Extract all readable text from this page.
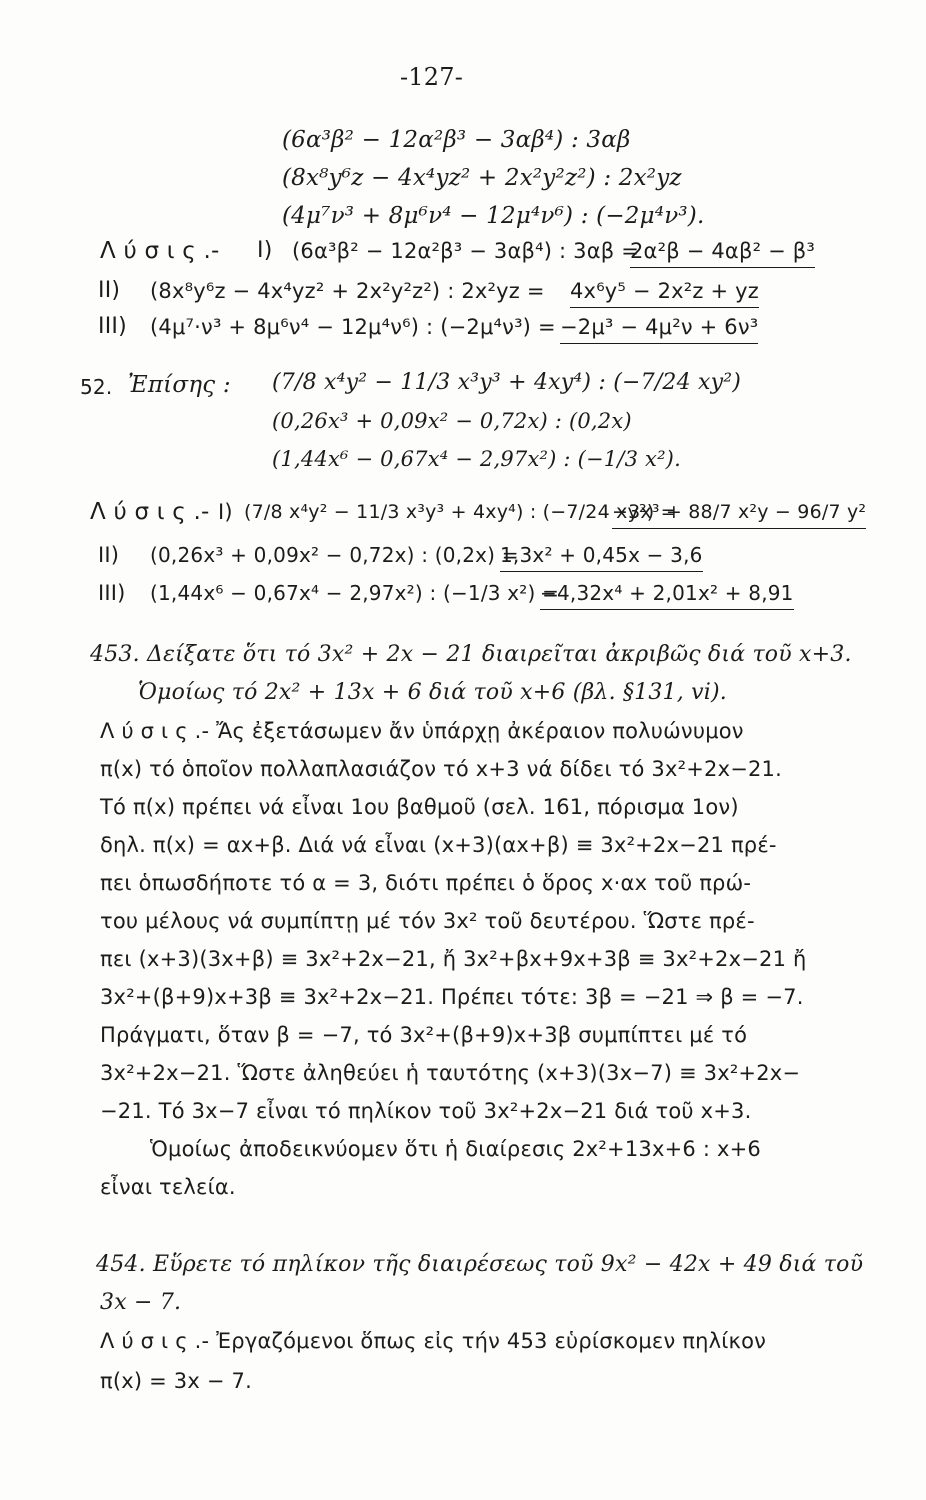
-127-
(6α³β² − 12α²β³ − 3αβ⁴) : 3αβ
(8x⁸y⁶z − 4x⁴yz² + 2x²y²z²) : 2x²yz
(4μ⁷ν³ + 8μ⁶ν⁴ − 12μ⁴ν⁶) : (−2μ⁴ν³).
Λ ύ σ ι ς .- I) (6α³β² − 12α²β³ − 3αβ⁴) : 3αβ =
2α²β − 4αβ² − β³
II) (8x⁸y⁶z − 4x⁴yz² + 2x²y²z²) : 2x²yz = 4x⁶y⁵ − 2x²z + yz
III) (4μ⁷·ν³ + 8μ⁶ν⁴ − 12μ⁴ν⁶) : (−2μ⁴ν³) = −2μ³ − 4μ²ν + 6ν³
52. Ἐπίσης : (7/8 x⁴y² − 11/3 x³y³ + 4xy⁴) : (−7/24 xy²)
(0,26x³ + 0,09x² − 0,72x) : (0,2x)
(1,44x⁶ − 0,67x⁴ − 2,97x²) : (−1/3 x²).
Λ ύ σ ι ς .- I) (7/8 x⁴y² − 11/3 x³y³ + 4xy⁴) : (−7/24 xy²) =
−3x³ + 88/7 x²y − 96/7 y²
II) (0,26x³ + 0,09x² − 0,72x) : (0,2x) =
1,3x² + 0,45x − 3,6
III) (1,44x⁶ − 0,67x⁴ − 2,97x²) : (−1/3 x²) =
−4,32x⁴ + 2,01x² + 8,91
453. Δείξατε ὅτι τό 3x² + 2x − 21 διαιρεῖται ἀκριβῶς διά τοῦ x+3.
Ὁμοίως τό 2x² + 13x + 6 διά τοῦ x+6 (βλ. §131, vi).
Λ ύ σ ι ς .- Ἄς ἐξετάσωμεν ἄν ὑπάρχῃ ἀκέραιον πολυώνυμον
π(x) τό ὁποῖον πολλαπλασιάζον τό x+3 νά δίδει τό 3x²+2x−21.
Τό π(x) πρέπει νά εἶναι 1ου βαθμοῦ (σελ. 161, πόρισμα 1ον)
δηλ. π(x) = αx+β. Διά νά εἶναι (x+3)(αx+β) ≡ 3x²+2x−21 πρέ-
πει ὁπωσδήποτε τό α = 3, διότι πρέπει ὁ ὅρος x·αx τοῦ πρώ-
του μέλους νά συμπίπτῃ μέ τόν 3x² τοῦ δευτέρου. Ὥστε πρέ-
πει (x+3)(3x+β) ≡ 3x²+2x−21, ἤ 3x²+βx+9x+3β ≡ 3x²+2x−21 ἤ
3x²+(β+9)x+3β ≡ 3x²+2x−21. Πρέπει τότε: 3β = −21 ⇒ β = −7.
Πράγματι, ὅταν β = −7, τό 3x²+(β+9)x+3β συμπίπτει μέ τό
3x²+2x−21. Ὥστε ἀληθεύει ἡ ταυτότης (x+3)(3x−7) ≡ 3x²+2x−
−21. Τό 3x−7 εἶναι τό πηλίκον τοῦ 3x²+2x−21 διά τοῦ x+3.
Ὁμοίως ἀποδεικνύομεν ὅτι ἡ διαίρεσις 2x²+13x+6 : x+6
εἶναι τελεία.
454. Εὕρετε τό πηλίκον τῆς διαιρέσεως τοῦ 9x² − 42x + 49 διά τοῦ
3x − 7.
Λ ύ σ ι ς .- Ἐργαζόμενοι ὅπως εἰς τήν 453 εὑρίσκομεν πηλίκον
π(x) = 3x − 7.
